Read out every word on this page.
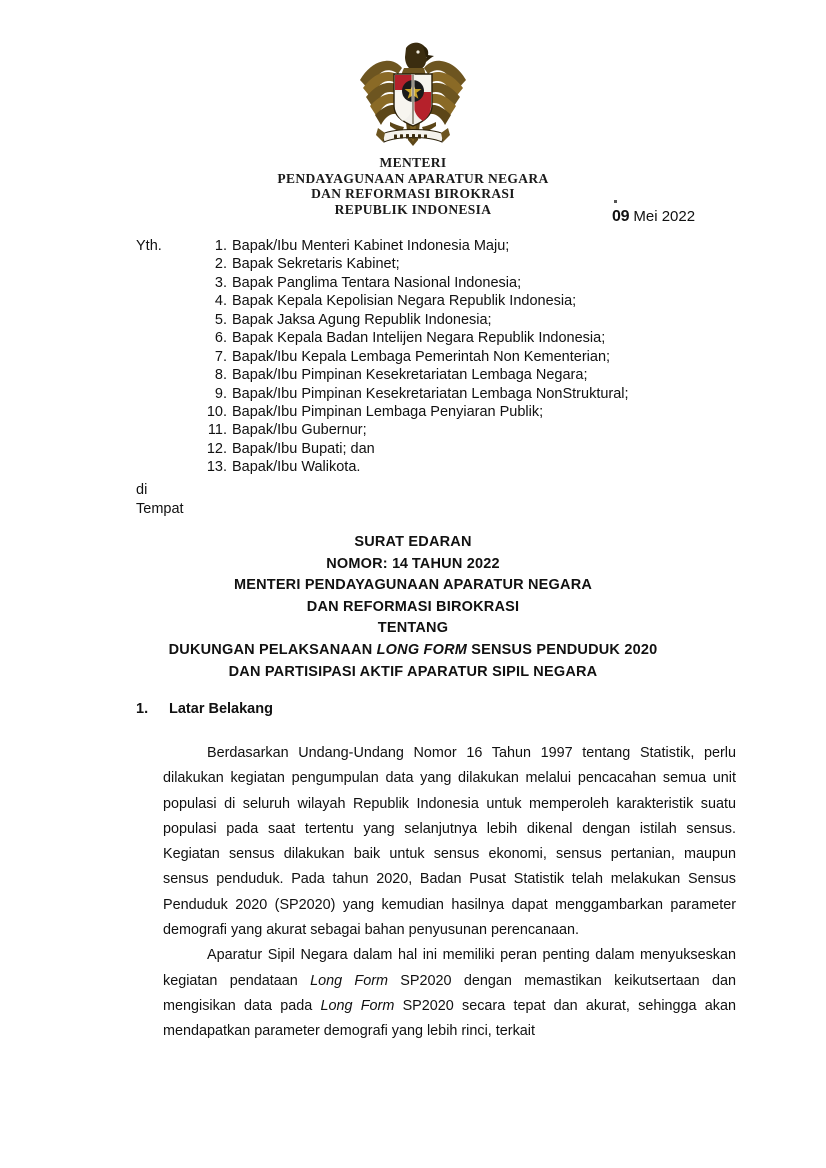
MENTERI
PENDAYAGUNAAN APARATUR NEGARA
DAN REFORMASI BIROKRASI
REPUBLIK INDONESIA	09 Mei 2022
Yth.	1. Bapak/Ibu Menteri Kabinet Indonesia Maju;
2. Bapak Sekretaris Kabinet;
3. Bapak Panglima Tentara Nasional Indonesia;
4. Bapak Kepala Kepolisian Negara Republik Indonesia;
5. Bapak Jaksa Agung Republik Indonesia;
6. Bapak Kepala Badan Intelijen Negara Republik Indonesia;
7. Bapak/Ibu Kepala Lembaga Pemerintah Non Kementerian;
8. Bapak/Ibu Pimpinan Kesekretariatan Lembaga Negara;
9. Bapak/Ibu Pimpinan Kesekretariatan Lembaga NonStruktural;
10. Bapak/Ibu Pimpinan Lembaga Penyiaran Publik;
11. Bapak/Ibu Gubernur;
12. Bapak/Ibu Bupati; dan
13. Bapak/Ibu Walikota.
di
Tempat
SURAT EDARAN
NOMOR: 14 TAHUN 2022
MENTERI PENDAYAGUNAAN APARATUR NEGARA
DAN REFORMASI BIROKRASI
TENTANG
DUKUNGAN PELAKSANAAN LONG FORM SENSUS PENDUDUK 2020
DAN PARTISIPASI AKTIF APARATUR SIPIL NEGARA
1. Latar Belakang

Berdasarkan Undang-Undang Nomor 16 Tahun 1997 tentang Statistik, perlu dilakukan kegiatan pengumpulan data yang dilakukan melalui pencacahan semua unit populasi di seluruh wilayah Republik Indonesia untuk memperoleh karakteristik suatu populasi pada saat tertentu yang selanjutnya lebih dikenal dengan istilah sensus. Kegiatan sensus dilakukan baik untuk sensus ekonomi, sensus pertanian, maupun sensus penduduk. Pada tahun 2020, Badan Pusat Statistik telah melakukan Sensus Penduduk 2020 (SP2020) yang kemudian hasilnya dapat menggambarkan parameter demografi yang akurat sebagai bahan penyusunan perencanaan.

Aparatur Sipil Negara dalam hal ini memiliki peran penting dalam menyukseskan kegiatan pendataan Long Form SP2020 dengan memastikan keikutsertaan dan mengisikan data pada Long Form SP2020 secara tepat dan akurat, sehingga akan mendapatkan parameter demografi yang lebih rinci, terkait
